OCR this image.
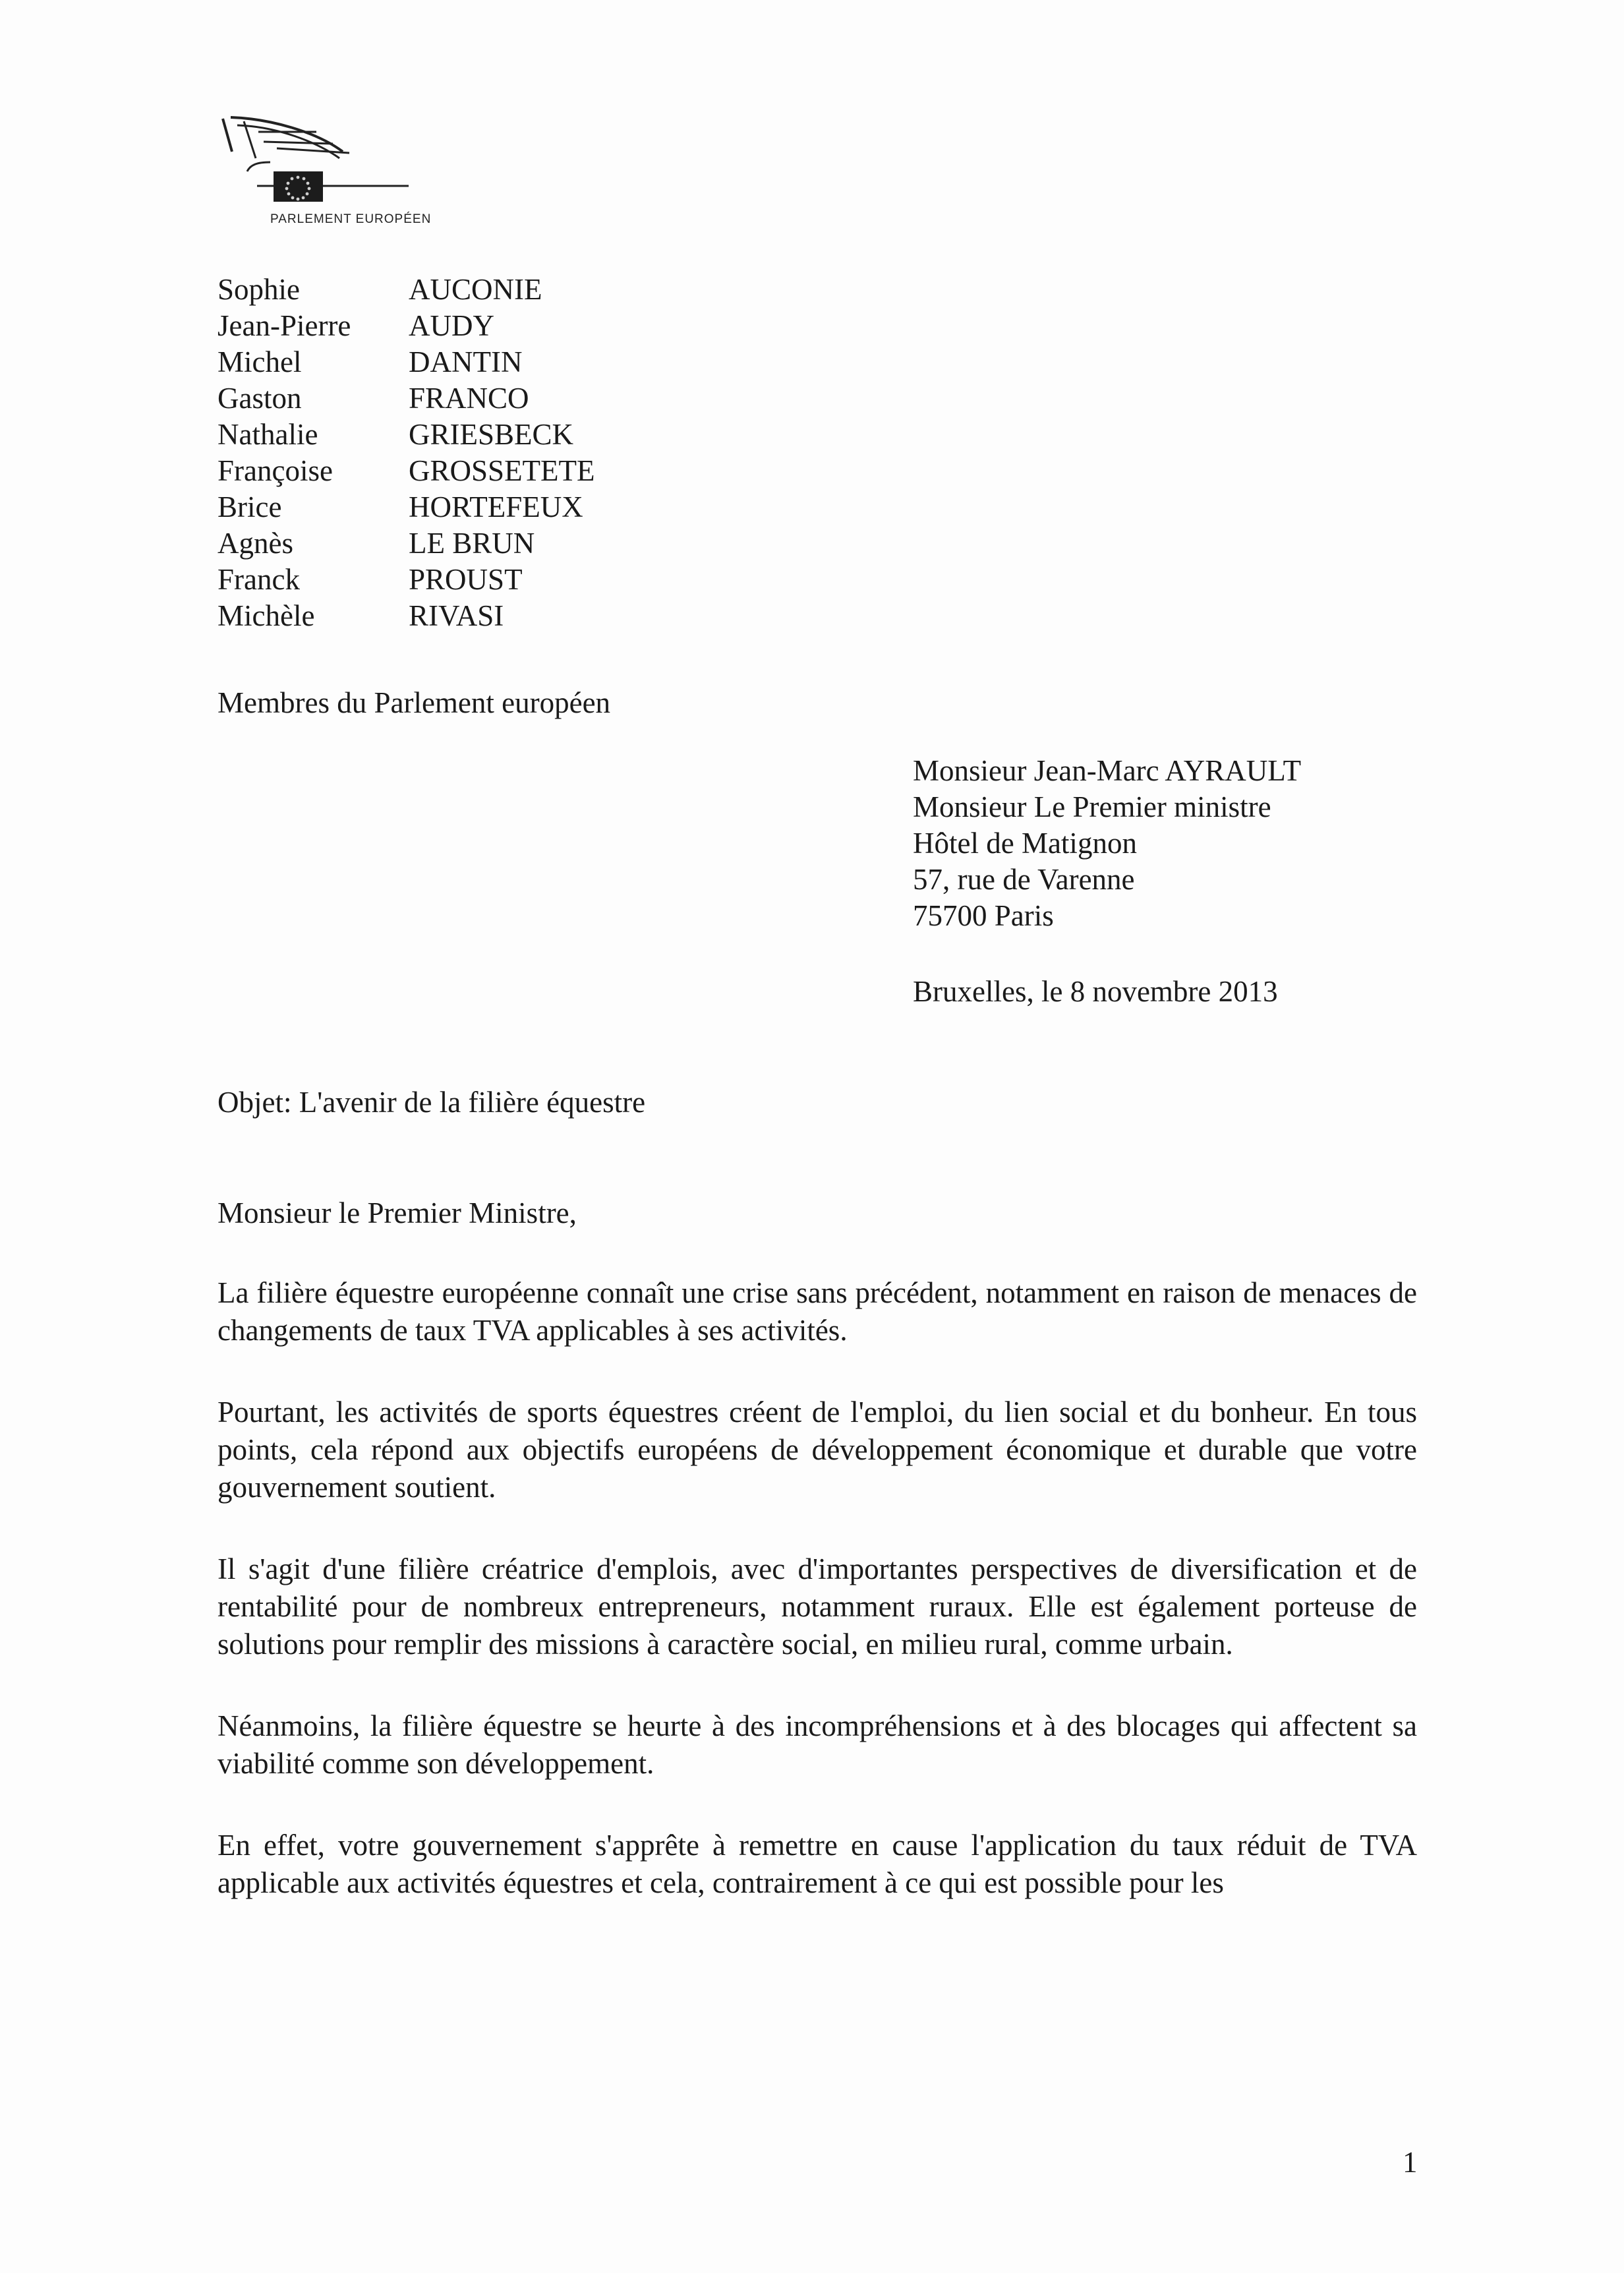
PARLEMENT EUROPÉEN
Sophie	AUCONIE
Jean-Pierre AUDY
Michel	DANTIN
Gaston	FRANCO
Nathalie	GRIESBECK
Françoise	GROSSETETE
Brice	HORTEFEUX
Agnès	LE BRUN
Franck	PROUST
Michèle	RIVASI
Membres du Parlement européen
Monsieur Jean-Marc AYRAULT
Monsieur Le Premier ministre
Hôtel de Matignon
57, rue de Varenne
75700 Paris
Bruxelles, le 8 novembre 2013
Objet: L'avenir de la filière équestre
Monsieur le Premier Ministre,

La filière équestre européenne connaît une crise sans précédent, notamment en raison de menaces de changements de taux TVA applicables à ses activités.

Pourtant, les activités de sports équestres créent de l'emploi, du lien social et du bonheur. En tous points, cela répond aux objectifs européens de développement économique et durable que votre gouvernement soutient.

Il s'agit d'une filière créatrice d'emplois, avec d'importantes perspectives de diversification et de rentabilité pour de nombreux entrepreneurs, notamment ruraux. Elle est également porteuse de solutions pour remplir des missions à caractère social, en milieu rural, comme urbain.

Néanmoins, la filière équestre se heurte à des incompréhensions et à des blocages qui affectent sa viabilité comme son développement.

En effet, votre gouvernement s'apprête à remettre en cause l'application du taux réduit de TVA applicable aux activités équestres et cela, contrairement à ce qui est possible pour les

1
